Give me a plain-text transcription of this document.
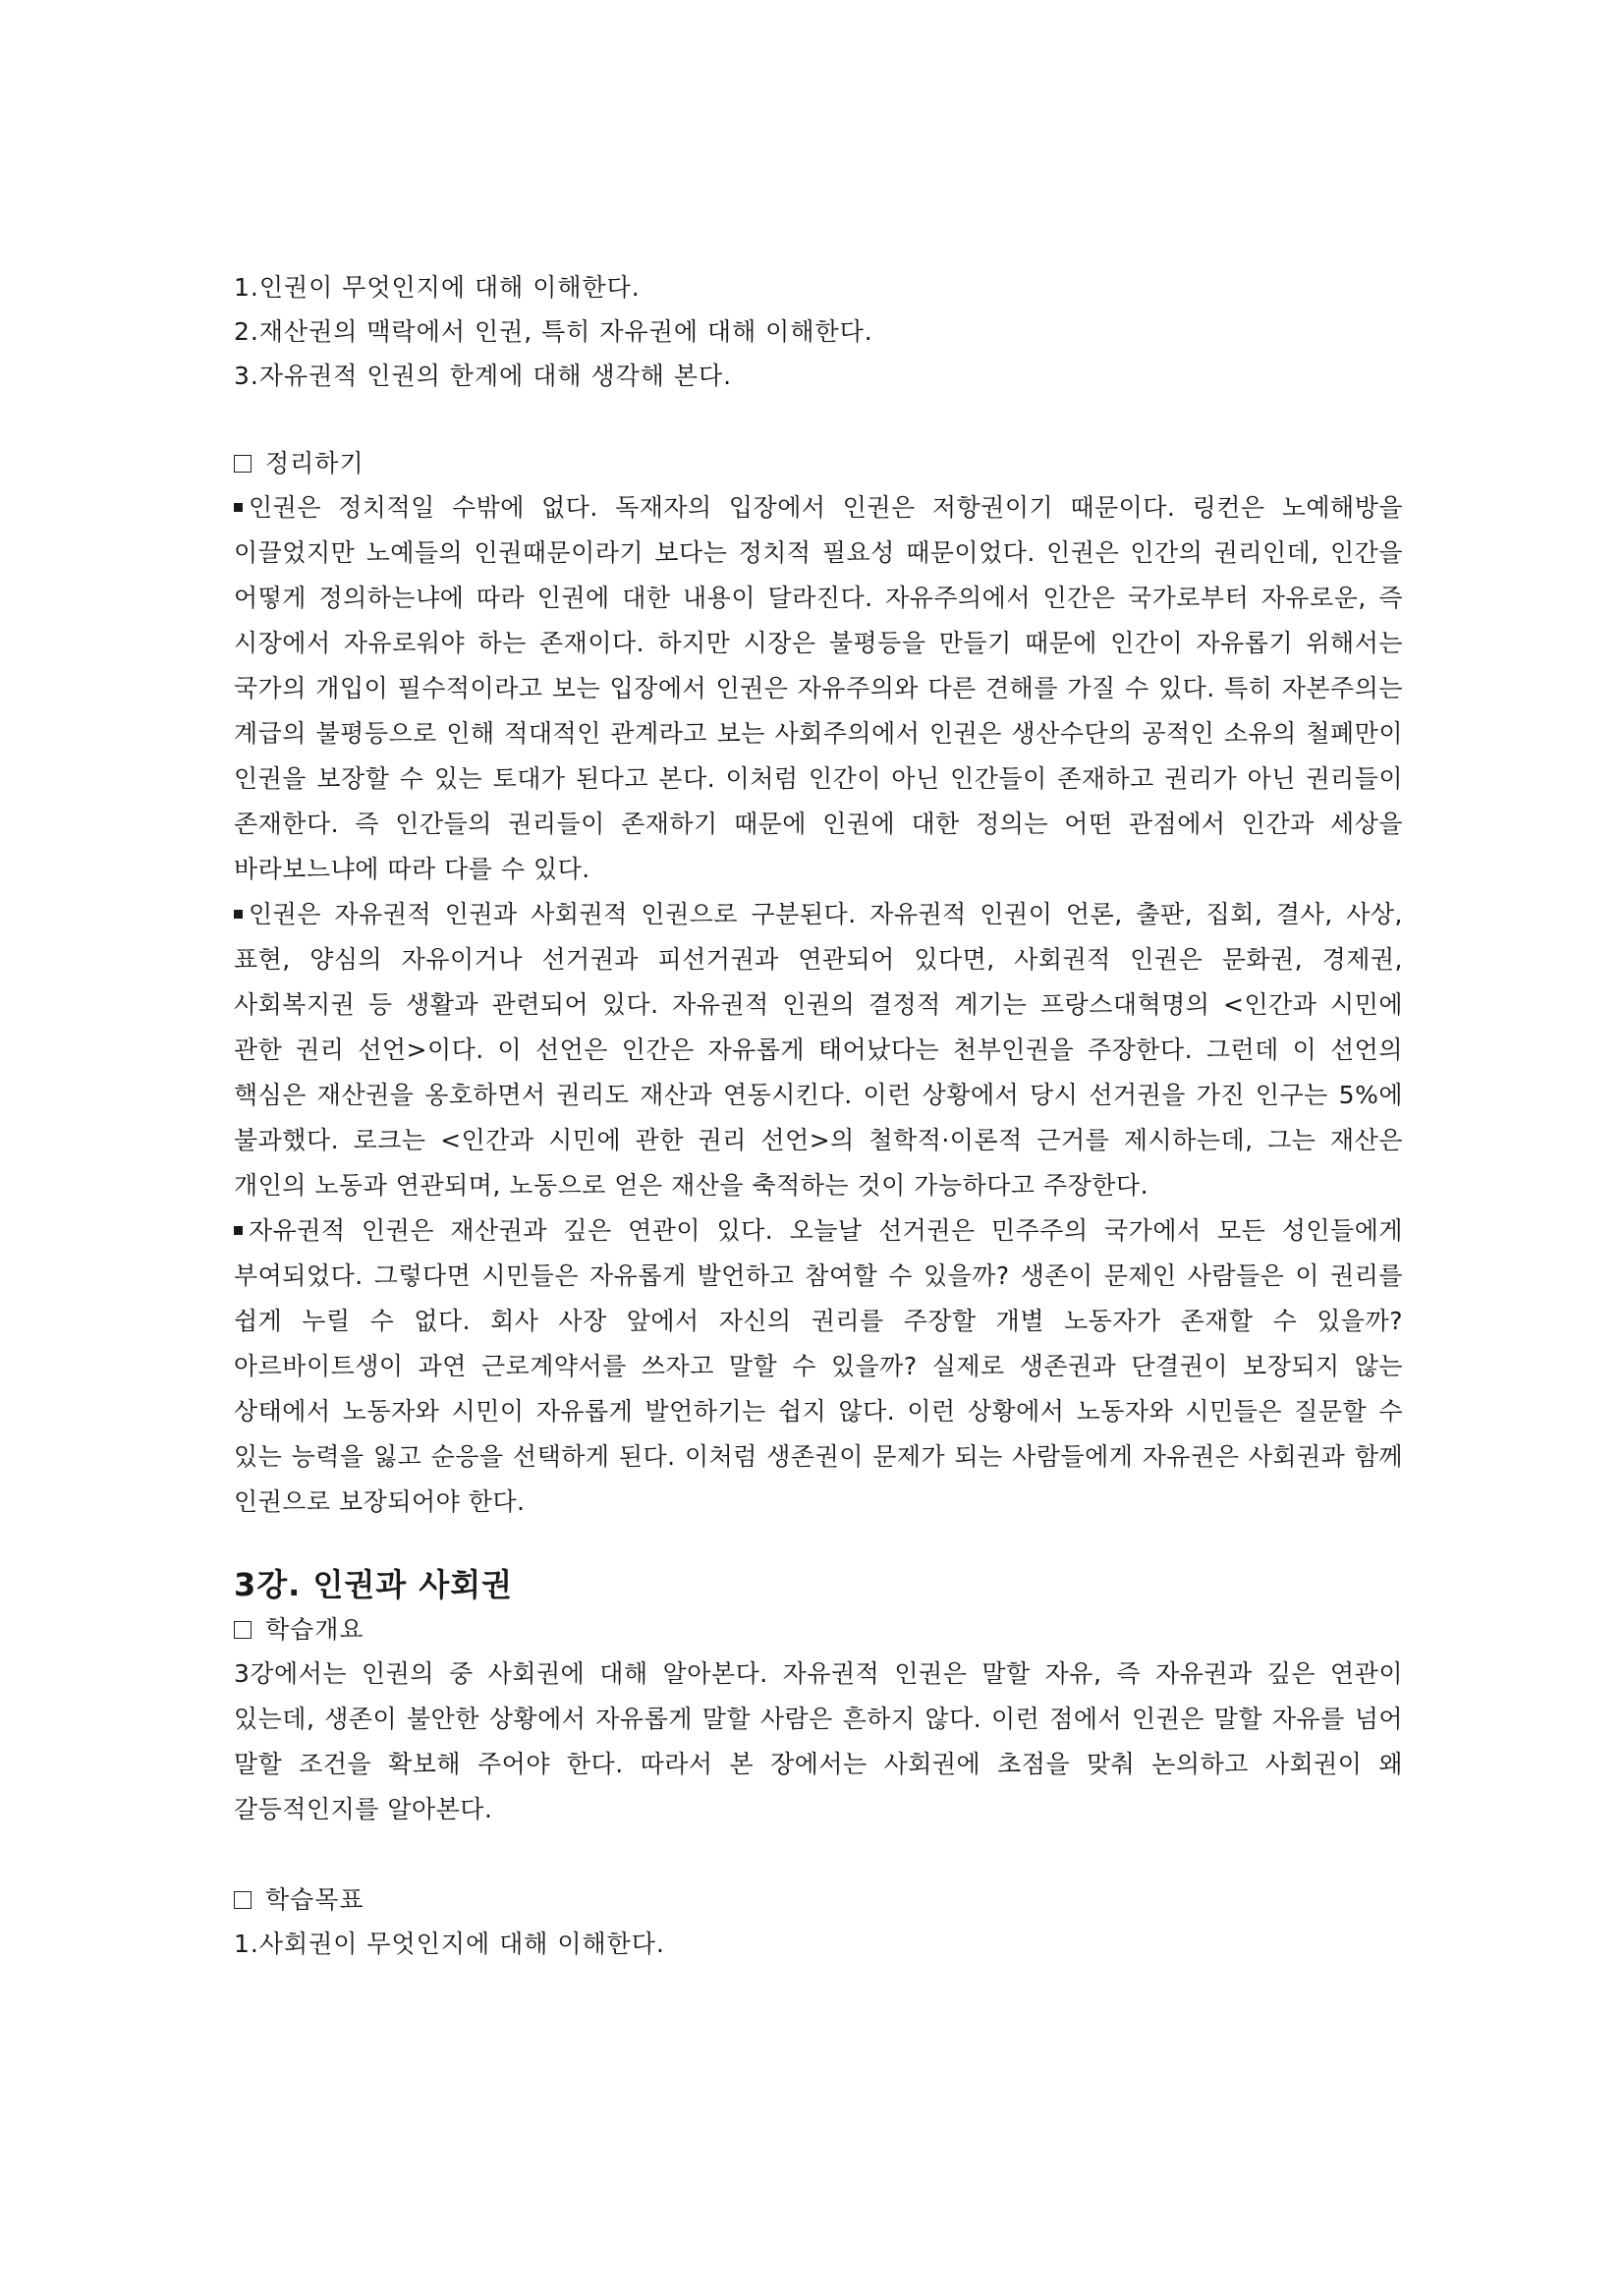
1.인권이 무엇인지에 대해 이해한다.

2.재산권의 맥락에서 인권, 특히 자유권에 대해 이해한다.

3.자유권적 인권의 한계에 대해 생각해 본다.

정리하기

인권은 정치적일 수밖에 없다. 독재자의 입장에서 인권은 저항권이기 때문이다. 링컨은 노예해방을 이끌었지만 노예들의 인권때문이라기 보다는 정치적 필요성 때문이었다. 인권은 인간의 권리인데, 인간을 어떻게 정의하는냐에 따라 인권에 대한 내용이 달라진다. 자유주의에서 인간은 국가로부터 자유로운, 즉 시장에서 자유로워야 하는 존재이다. 하지만 시장은 불평등을 만들기 때문에 인간이 자유롭기 위해서는 국가의 개입이 필수적이라고 보는 입장에서 인권은 자유주의와 다른 견해를 가질 수 있다. 특히 자본주의는 계급의 불평등으로 인해 적대적인 관계라고 보는 사회주의에서 인권은 생산수단의 공적인 소유의 철폐만이 인권을 보장할 수 있는 토대가 된다고 본다. 이처럼 인간이 아닌 인간들이 존재하고 권리가 아닌 권리들이 존재한다. 즉 인간들의 권리들이 존재하기 때문에 인권에 대한 정의는 어떤 관점에서 인간과 세상을 바라보느냐에 따라 다를 수 있다.

인권은 자유권적 인권과 사회권적 인권으로 구분된다. 자유권적 인권이 언론, 출판, 집회, 결사, 사상, 표현, 양심의 자유이거나 선거권과 피선거권과 연관되어 있다면, 사회권적 인권은 문화권, 경제권, 사회복지권 등 생활과 관련되어 있다. 자유권적 인권의 결정적 계기는 프랑스대혁명의 <인간과 시민에 관한 권리 선언>이다. 이 선언은 인간은 자유롭게 태어났다는 천부인권을 주장한다. 그런데 이 선언의 핵심은 재산권을 옹호하면서 권리도 재산과 연동시킨다. 이런 상황에서 당시 선거권을 가진 인구는 5%에 불과했다. 로크는 <인간과 시민에 관한 권리 선언>의 철학적·이론적 근거를 제시하는데, 그는 재산은 개인의 노동과 연관되며, 노동으로 얻은 재산을 축적하는 것이 가능하다고 주장한다.

자유권적 인권은 재산권과 깊은 연관이 있다. 오늘날 선거권은 민주주의 국가에서 모든 성인들에게 부여되었다. 그렇다면 시민들은 자유롭게 발언하고 참여할 수 있을까? 생존이 문제인 사람들은 이 권리를 쉽게 누릴 수 없다. 회사 사장 앞에서 자신의 권리를 주장할 개별 노동자가 존재할 수 있을까? 아르바이트생이 과연 근로계약서를 쓰자고 말할 수 있을까? 실제로 생존권과 단결권이 보장되지 않는 상태에서 노동자와 시민이 자유롭게 발언하기는 쉽지 않다. 이런 상황에서 노동자와 시민들은 질문할 수 있는 능력을 잃고 순응을 선택하게 된다. 이처럼 생존권이 문제가 되는 사람들에게 자유권은 사회권과 함께 인권으로 보장되어야 한다.

3강. 인권과 사회권

학습개요

3강에서는 인권의 중 사회권에 대해 알아본다. 자유권적 인권은 말할 자유, 즉 자유권과 깊은 연관이 있는데, 생존이 불안한 상황에서 자유롭게 말할 사람은 흔하지 않다. 이런 점에서 인권은 말할 자유를 넘어 말할 조건을 확보해 주어야 한다. 따라서 본 장에서는 사회권에 초점을 맞춰 논의하고 사회권이 왜 갈등적인지를 알아본다.

학습목표

1.사회권이 무엇인지에 대해 이해한다.
